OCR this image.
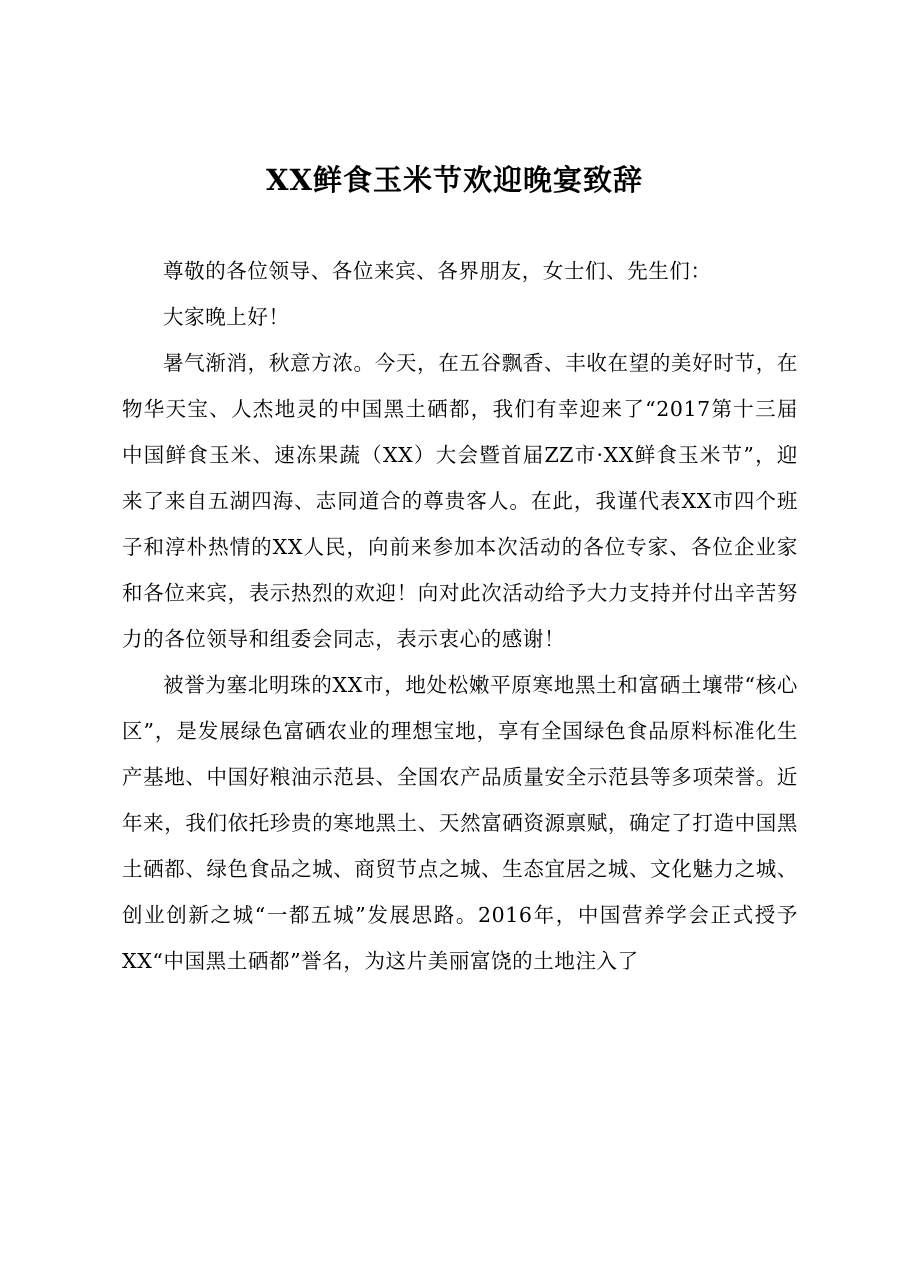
XX鲜食玉米节欢迎晚宴致辞

尊敬的各位领导、各位来宾、各界朋友，女士们、先生们：

大家晚上好！

暑气渐消，秋意方浓。今天，在五谷飘香、丰收在望的美好时节，在物华天宝、人杰地灵的中国黑土硒都，我们有幸迎来了“2017第十三届中国鲜食玉米、速冻果蔬（XX）大会暨首届ZZ市·XX鲜食玉米节”，迎来了来自五湖四海、志同道合的尊贵客人。在此，我谨代表XX市四个班子和淳朴热情的XX人民，向前来参加本次活动的各位专家、各位企业家和各位来宾，表示热烈的欢迎！向对此次活动给予大力支持并付出辛苦努力的各位领导和组委会同志，表示衷心的感谢！

被誉为塞北明珠的XX市，地处松嫩平原寒地黑土和富硒土壤带“核心区”，是发展绿色富硒农业的理想宝地，享有全国绿色食品原料标准化生产基地、中国好粮油示范县、全国农产品质量安全示范县等多项荣誉。近年来，我们依托珍贵的寒地黑土、天然富硒资源禀赋，确定了打造中国黑土硒都、绿色食品之城、商贸节点之城、生态宜居之城、文化魅力之城、创业创新之城“一都五城”发展思路。2016年，中国营养学会正式授予XX“中国黑土硒都”誉名，为这片美丽富饶的土地注入了
